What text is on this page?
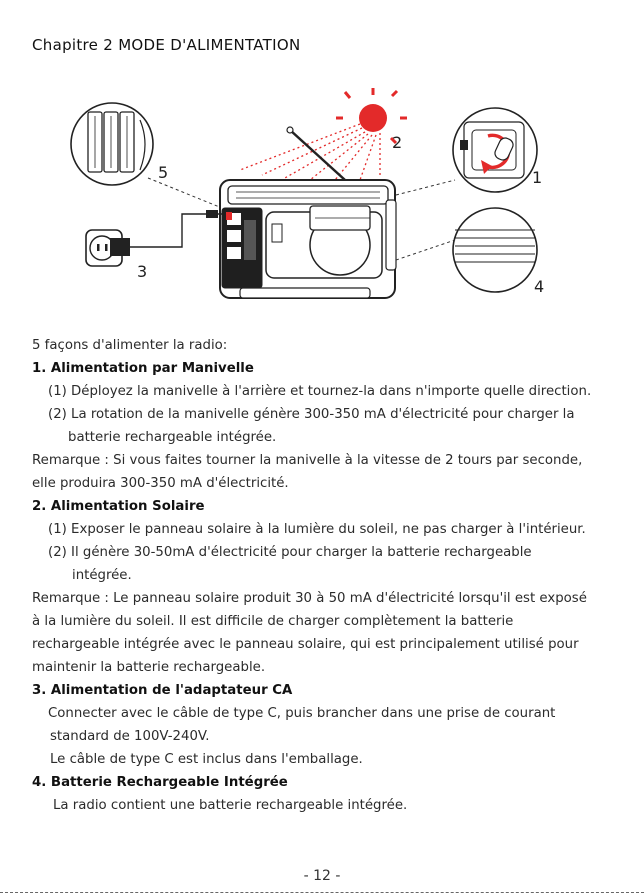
Chapitre 2 MODE D'ALIMENTATION
1
2
3
4
5

5 façons d'alimenter la radio:

1. Alimentation par Manivelle

(1) Déployez la manivelle à l'arrière et tournez-la dans n'importe quelle direction.

(2) La rotation de la manivelle génère 300-350 mA d'électricité pour charger la

batterie rechargeable intégrée.

Remarque : Si vous faites tourner la manivelle à la vitesse de 2 tours par seconde,

elle produira 300-350 mA d'électricité.

2. Alimentation Solaire

(1) Exposer le panneau solaire à la lumière du soleil, ne pas charger à l'intérieur.

(2) Il génère 30-50mA d'électricité pour charger la batterie rechargeable

intégrée.

Remarque : Le panneau solaire produit 30 à 50 mA d'électricité lorsqu'il est exposé

à la lumière du soleil. Il est difficile de charger complètement la batterie

rechargeable intégrée avec le panneau solaire, qui est principalement utilisé pour

maintenir la batterie rechargeable.

3. Alimentation de l'adaptateur CA

Connecter avec le câble de type C, puis brancher dans une prise de courant

standard de 100V-240V.

Le câble de type C est inclus dans l'emballage.

4. Batterie Rechargeable Intégrée

La radio contient une batterie rechargeable intégrée.

- 12 -
